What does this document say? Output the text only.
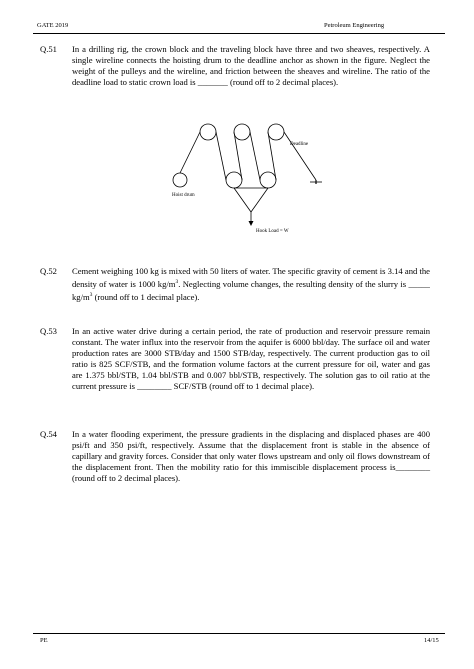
GATE 2019	Petroleum Engineering
Q.51 In a drilling rig, the crown block and the traveling block have three and two sheaves, respectively. A single wireline connects the hoisting drum to the deadline anchor as shown in the figure. Neglect the weight of the pulleys and the wireline, and friction between the sheaves and wireline. The ratio of the deadline load to static crown load is _______ (round off to 2 decimal places).
Deadline
Hoist drum
Hook Load = W
Q.52 Cement weighing 100 kg is mixed with 50 liters of water. The specific gravity of cement is 3.14 and the density of water is 1000 $kg/m^3$. Neglecting volume changes, the resulting density of the slurry is _____ $kg/m^3$ (round off to 1 decimal place).
Q.53 In an active water drive during a certain period, the rate of production and reservoir pressure remain constant. The water influx into the reservoir from the aquifer is 6000 bbl/day. The surface oil and water production rates are 3000 STB/day and 1500 STB/day, respectively. The current production gas to oil ratio is 825 SCF/STB, and the formation volume factors at the current pressure for oil, water and gas are 1.375 bbl/STB, 1.04 bbl/STB and 0.007 bbl/STB, respectively. The solution gas to oil ratio at the current pressure is ________ SCF/STB (round off to 1 decimal place).
Q.54 In a water flooding experiment, the pressure gradients in the displacing and displaced phases are 400 psi/ft and 350 psi/ft, respectively. Assume that the displacement front is stable in the absence of capillary and gravity forces. Consider that only water flows upstream and only oil flows downstream of the displacement front. Then the mobility ratio for this immiscible displacement process is________ (round off to 2 decimal places).
PE	14/15
